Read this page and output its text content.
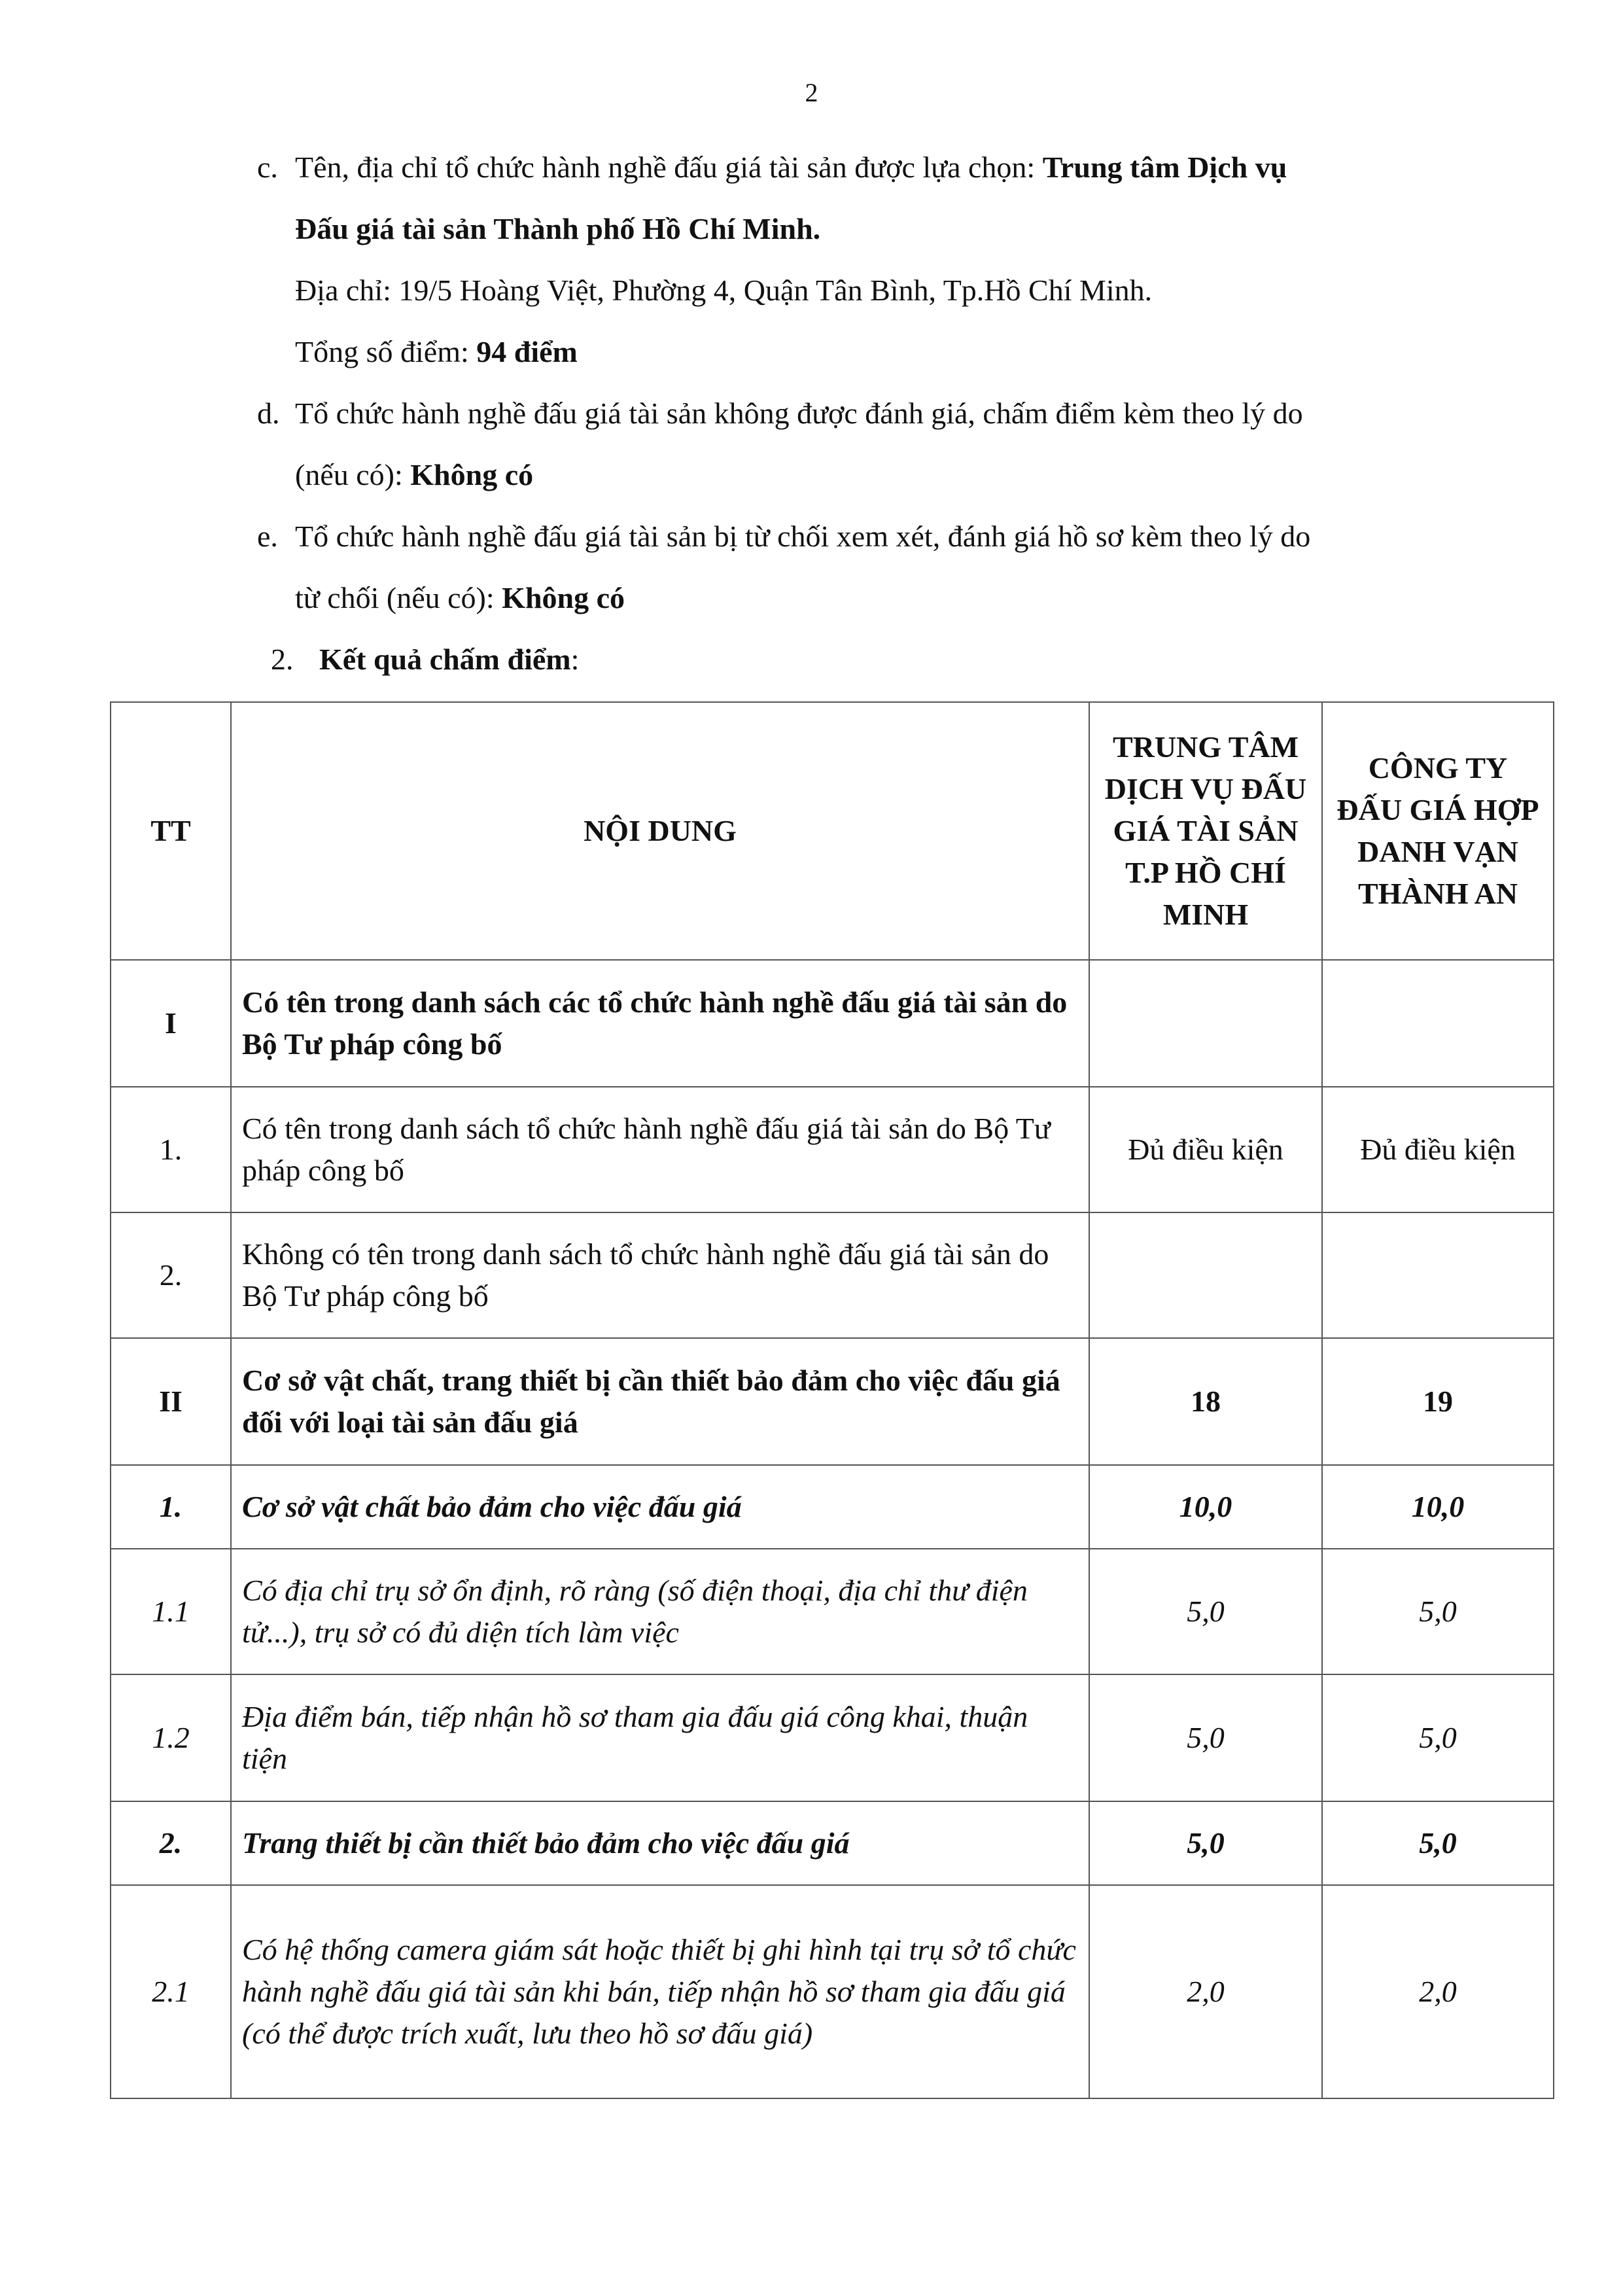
2
c. Tên, địa chỉ tổ chức hành nghề đấu giá tài sản được lựa chọn: Trung tâm Dịch vụ
Đấu giá tài sản Thành phố Hồ Chí Minh.
Địa chỉ: 19/5 Hoàng Việt, Phường 4, Quận Tân Bình, Tp.Hồ Chí Minh.
Tổng số điểm: 94 điểm
d. Tổ chức hành nghề đấu giá tài sản không được đánh giá, chấm điểm kèm theo lý do
(nếu có): Không có
e. Tổ chức hành nghề đấu giá tài sản bị từ chối xem xét, đánh giá hồ sơ kèm theo lý do
từ chối (nếu có): Không có
2. Kết quả chấm điểm:
TT	NỘI DUNG	TRUNG TÂM DỊCH VỤ ĐẤU GIÁ TÀI SẢN T.P HỒ CHÍ MINH	CÔNG TY ĐẤU GIÁ HỢP DANH VẠN THÀNH AN
I	Có tên trong danh sách các tổ chức hành nghề đấu giá tài sản do Bộ Tư pháp công bố		
1.	Có tên trong danh sách tổ chức hành nghề đấu giá tài sản do Bộ Tư pháp công bố	Đủ điều kiện	Đủ điều kiện
2.	Không có tên trong danh sách tổ chức hành nghề đấu giá tài sản do Bộ Tư pháp công bố		
II	Cơ sở vật chất, trang thiết bị cần thiết bảo đảm cho việc đấu giá đối với loại tài sản đấu giá	18	19
1.	Cơ sở vật chất bảo đảm cho việc đấu giá	10,0	10,0
1.1	Có địa chỉ trụ sở ổn định, rõ ràng (số điện thoại, địa chỉ thư điện tử...), trụ sở có đủ diện tích làm việc	5,0	5,0
1.2	Địa điểm bán, tiếp nhận hồ sơ tham gia đấu giá công khai, thuận tiện	5,0	5,0
2.	Trang thiết bị cần thiết bảo đảm cho việc đấu giá	5,0	5,0
2.1	Có hệ thống camera giám sát hoặc thiết bị ghi hình tại trụ sở tổ chức hành nghề đấu giá tài sản khi bán, tiếp nhận hồ sơ tham gia đấu giá (có thể được trích xuất, lưu theo hồ sơ đấu giá)	2,0	2,0
